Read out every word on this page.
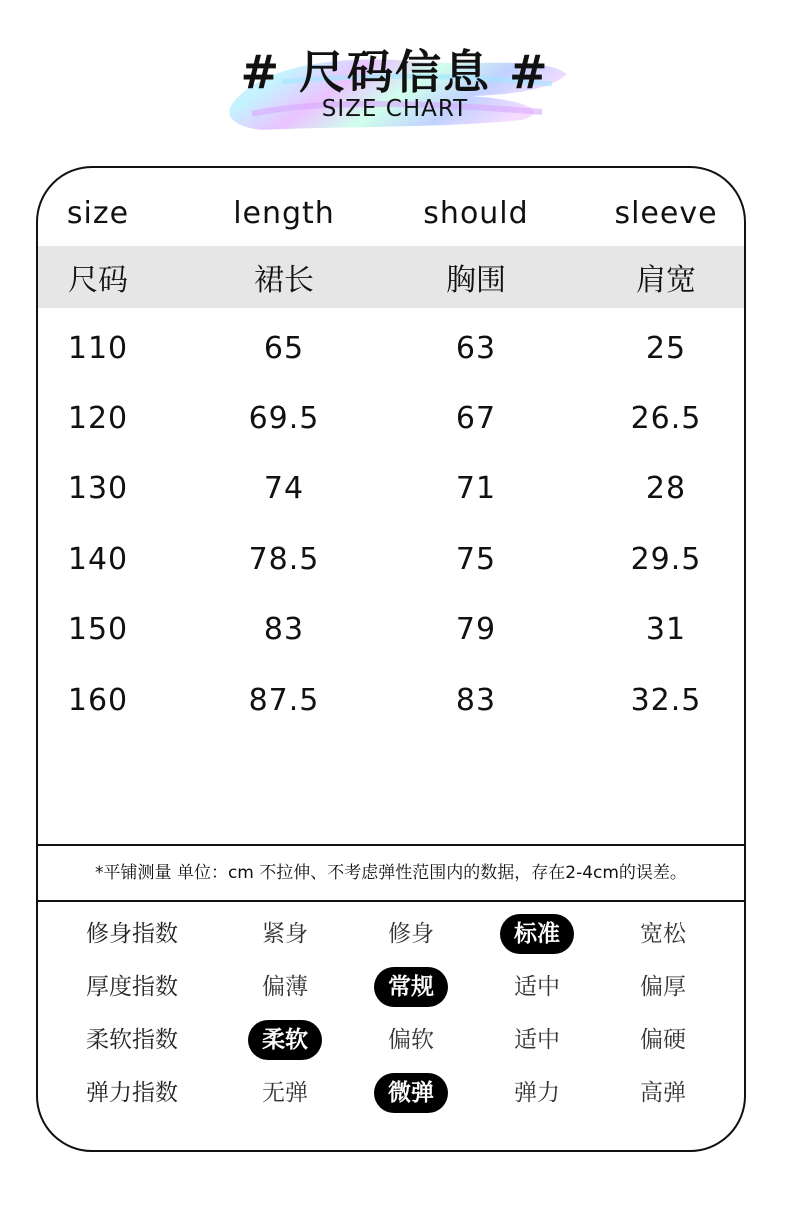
# 尺码信息 #
SIZE CHART
size	length	should	sleeve
尺码	裙长	胸围	肩宽
110	65	63	25
120	69.5	67	26.5
130	74	71	28
140	78.5	75	29.5
150	83	79	31
160	87.5	83	32.5
*平铺测量 单位：cm 不拉伸、不考虑弹性范围内的数据，存在2-4cm的误差。
修身指数	紧身	修身	标准	宽松
厚度指数	偏薄	常规	适中	偏厚
柔软指数	柔软	偏软	适中	偏硬
弹力指数	无弹	微弹	弹力	高弹
